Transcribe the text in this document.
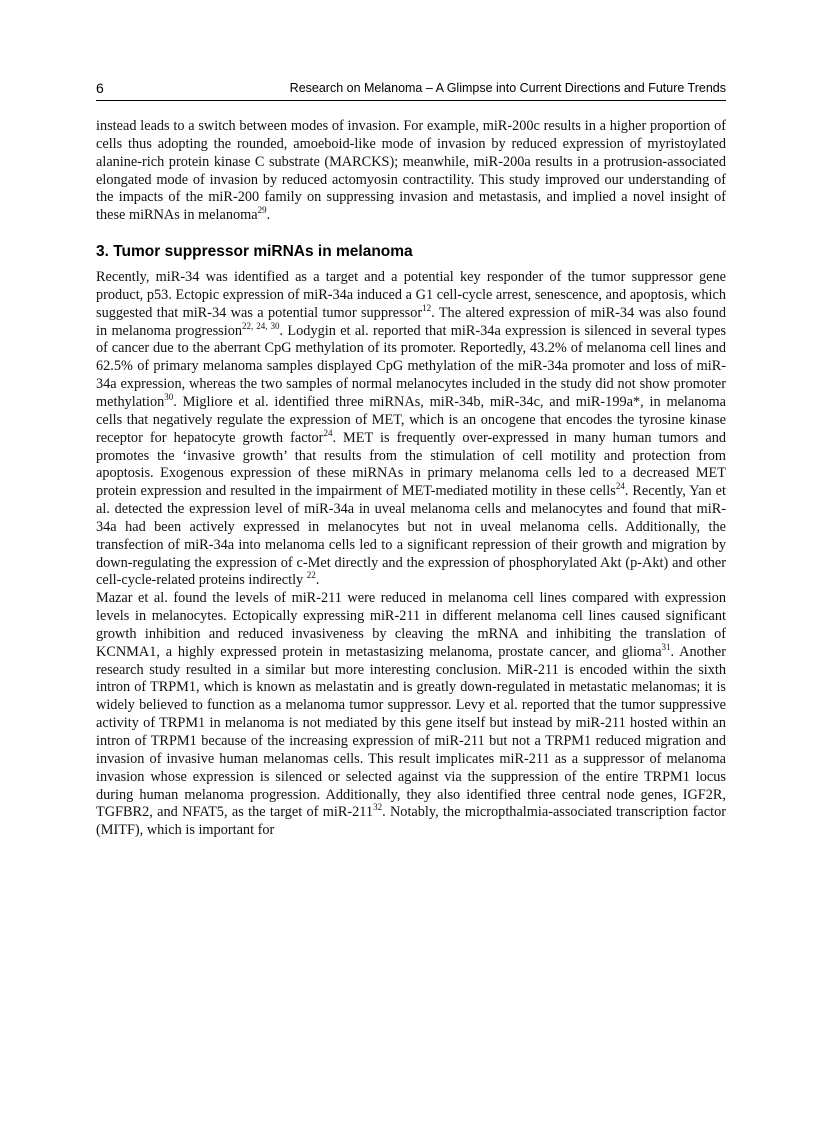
6	Research on Melanoma – A Glimpse into Current Directions and Future Trends

instead leads to a switch between modes of invasion. For example, miR-200c results in a higher proportion of cells thus adopting the rounded, amoeboid-like mode of invasion by reduced expression of myristoylated alanine-rich protein kinase C substrate (MARCKS); meanwhile, miR-200a results in a protrusion-associated elongated mode of invasion by reduced actomyosin contractility. This study improved our understanding of the impacts of the miR-200 family on suppressing invasion and metastasis, and implied a novel insight of these miRNAs in melanoma$^{29}$.

3. Tumor suppressor miRNAs in melanoma

Recently, miR-34 was identified as a target and a potential key responder of the tumor suppressor gene product, p53. Ectopic expression of miR-34a induced a G1 cell-cycle arrest, senescence, and apoptosis, which suggested that miR-34 was a potential tumor suppressor$^{12}$. The altered expression of miR-34 was also found in melanoma progression$^{22, 24, 30}$. Lodygin et al. reported that miR-34a expression is silenced in several types of cancer due to the aberrant CpG methylation of its promoter. Reportedly, 43.2% of melanoma cell lines and 62.5% of primary melanoma samples displayed CpG methylation of the miR-34a promoter and loss of miR-34a expression, whereas the two samples of normal melanocytes included in the study did not show promoter methylation$^{30}$. Migliore et al. identified three miRNAs, miR-34b, miR-34c, and miR-199a*, in melanoma cells that negatively regulate the expression of MET, which is an oncogene that encodes the tyrosine kinase receptor for hepatocyte growth factor$^{24}$. MET is frequently over-expressed in many human tumors and promotes the ‘invasive growth’ that results from the stimulation of cell motility and protection from apoptosis. Exogenous expression of these miRNAs in primary melanoma cells led to a decreased MET protein expression and resulted in the impairment of MET-mediated motility in these cells$^{24}$. Recently, Yan et al. detected the expression level of miR-34a in uveal melanoma cells and melanocytes and found that miR-34a had been actively expressed in melanocytes but not in uveal melanoma cells. Additionally, the transfection of miR-34a into melanoma cells led to a significant repression of their growth and migration by down-regulating the expression of c-Met directly and the expression of phosphorylated Akt (p-Akt) and other cell-cycle-related proteins indirectly $^{22}$.

Mazar et al. found the levels of miR-211 were reduced in melanoma cell lines compared with expression levels in melanocytes. Ectopically expressing miR-211 in different melanoma cell lines caused significant growth inhibition and reduced invasiveness by cleaving the mRNA and inhibiting the translation of KCNMA1, a highly expressed protein in metastasizing melanoma, prostate cancer, and glioma$^{31}$. Another research study resulted in a similar but more interesting conclusion. MiR-211 is encoded within the sixth intron of TRPM1, which is known as melastatin and is greatly down-regulated in metastatic melanomas; it is widely believed to function as a melanoma tumor suppressor. Levy et al. reported that the tumor suppressive activity of TRPM1 in melanoma is not mediated by this gene itself but instead by miR-211 hosted within an intron of TRPM1 because of the increasing expression of miR-211 but not a TRPM1 reduced migration and invasion of invasive human melanomas cells. This result implicates miR-211 as a suppressor of melanoma invasion whose expression is silenced or selected against via the suppression of the entire TRPM1 locus during human melanoma progression. Additionally, they also identified three central node genes, IGF2R, TGFBR2, and NFAT5, as the target of miR-$211^{32}$. Notably, the micropthalmia-associated transcription factor (MITF), which is important for
